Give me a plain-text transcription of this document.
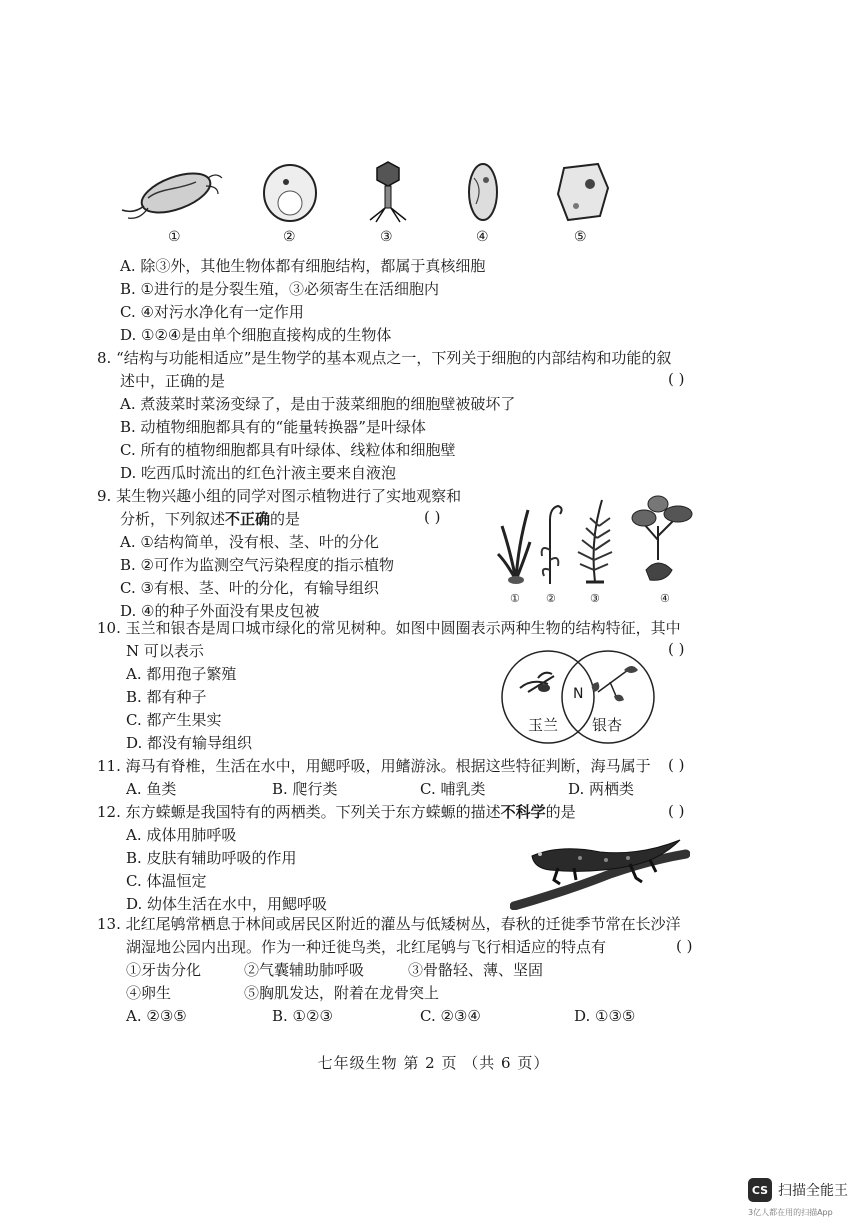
①	②	③	④	⑤
A. 除③外，其他生物体都有细胞结构，都属于真核细胞
B. ①进行的是分裂生殖，③必须寄生在活细胞内
C. ④对污水净化有一定作用
D. ①②④是由单个细胞直接构成的生物体
8. “结构与功能相适应”是生物学的基本观点之一，下列关于细胞的内部结构和功能的叙
述中，正确的是	( )
A. 煮菠菜时菜汤变绿了，是由于菠菜细胞的细胞壁被破坏了
B. 动植物细胞都具有的“能量转换器”是叶绿体
C. 所有的植物细胞都具有叶绿体、线粒体和细胞壁
D. 吃西瓜时流出的红色汁液主要来自液泡
9. 某生物兴趣小组的同学对图示植物进行了实地观察和
分析，下列叙述不正确的是	( )
A. ①结构简单，没有根、茎、叶的分化
B. ②可作为监测空气污染程度的指示植物
C. ③有根、茎、叶的分化，有输导组织
D. ④的种子外面没有果皮包被
① ②	③	④
10. 玉兰和银杏是周口城市绿化的常见树种。如图中圆圈表示两种生物的结构特征，其中
N 可以表示	( )
A. 都用孢子繁殖
B. 都有种子
C. 都产生果实
D. 都没有输导组织
N
玉兰 银杏
11. 海马有脊椎，生活在水中，用鳃呼吸，用鳍游泳。根据这些特征判断，海马属于 ( )
A. 鱼类	B. 爬行类	C. 哺乳类	D. 两栖类
12. 东方蝾螈是我国特有的两栖类。下列关于东方蝾螈的描述不科学的是	( )
A. 成体用肺呼吸
B. 皮肤有辅助呼吸的作用
C. 体温恒定
D. 幼体生活在水中，用鳃呼吸
13. 北红尾鸲常栖息于林间或居民区附近的灌丛与低矮树丛，春秋的迁徙季节常在长沙洋
湖湿地公园内出现。作为一种迁徙鸟类，北红尾鸲与飞行相适应的特点有	( )
①牙齿分化	②气囊辅助肺呼吸	③骨骼轻、薄、坚固
④卵生	⑤胸肌发达，附着在龙骨突上
A. ②③⑤	B. ①②③	C. ②③④	D. ①③⑤
七年级生物 第 2 页 （共 6 页）
CS 扫描全能王
3亿人都在用的扫描App
